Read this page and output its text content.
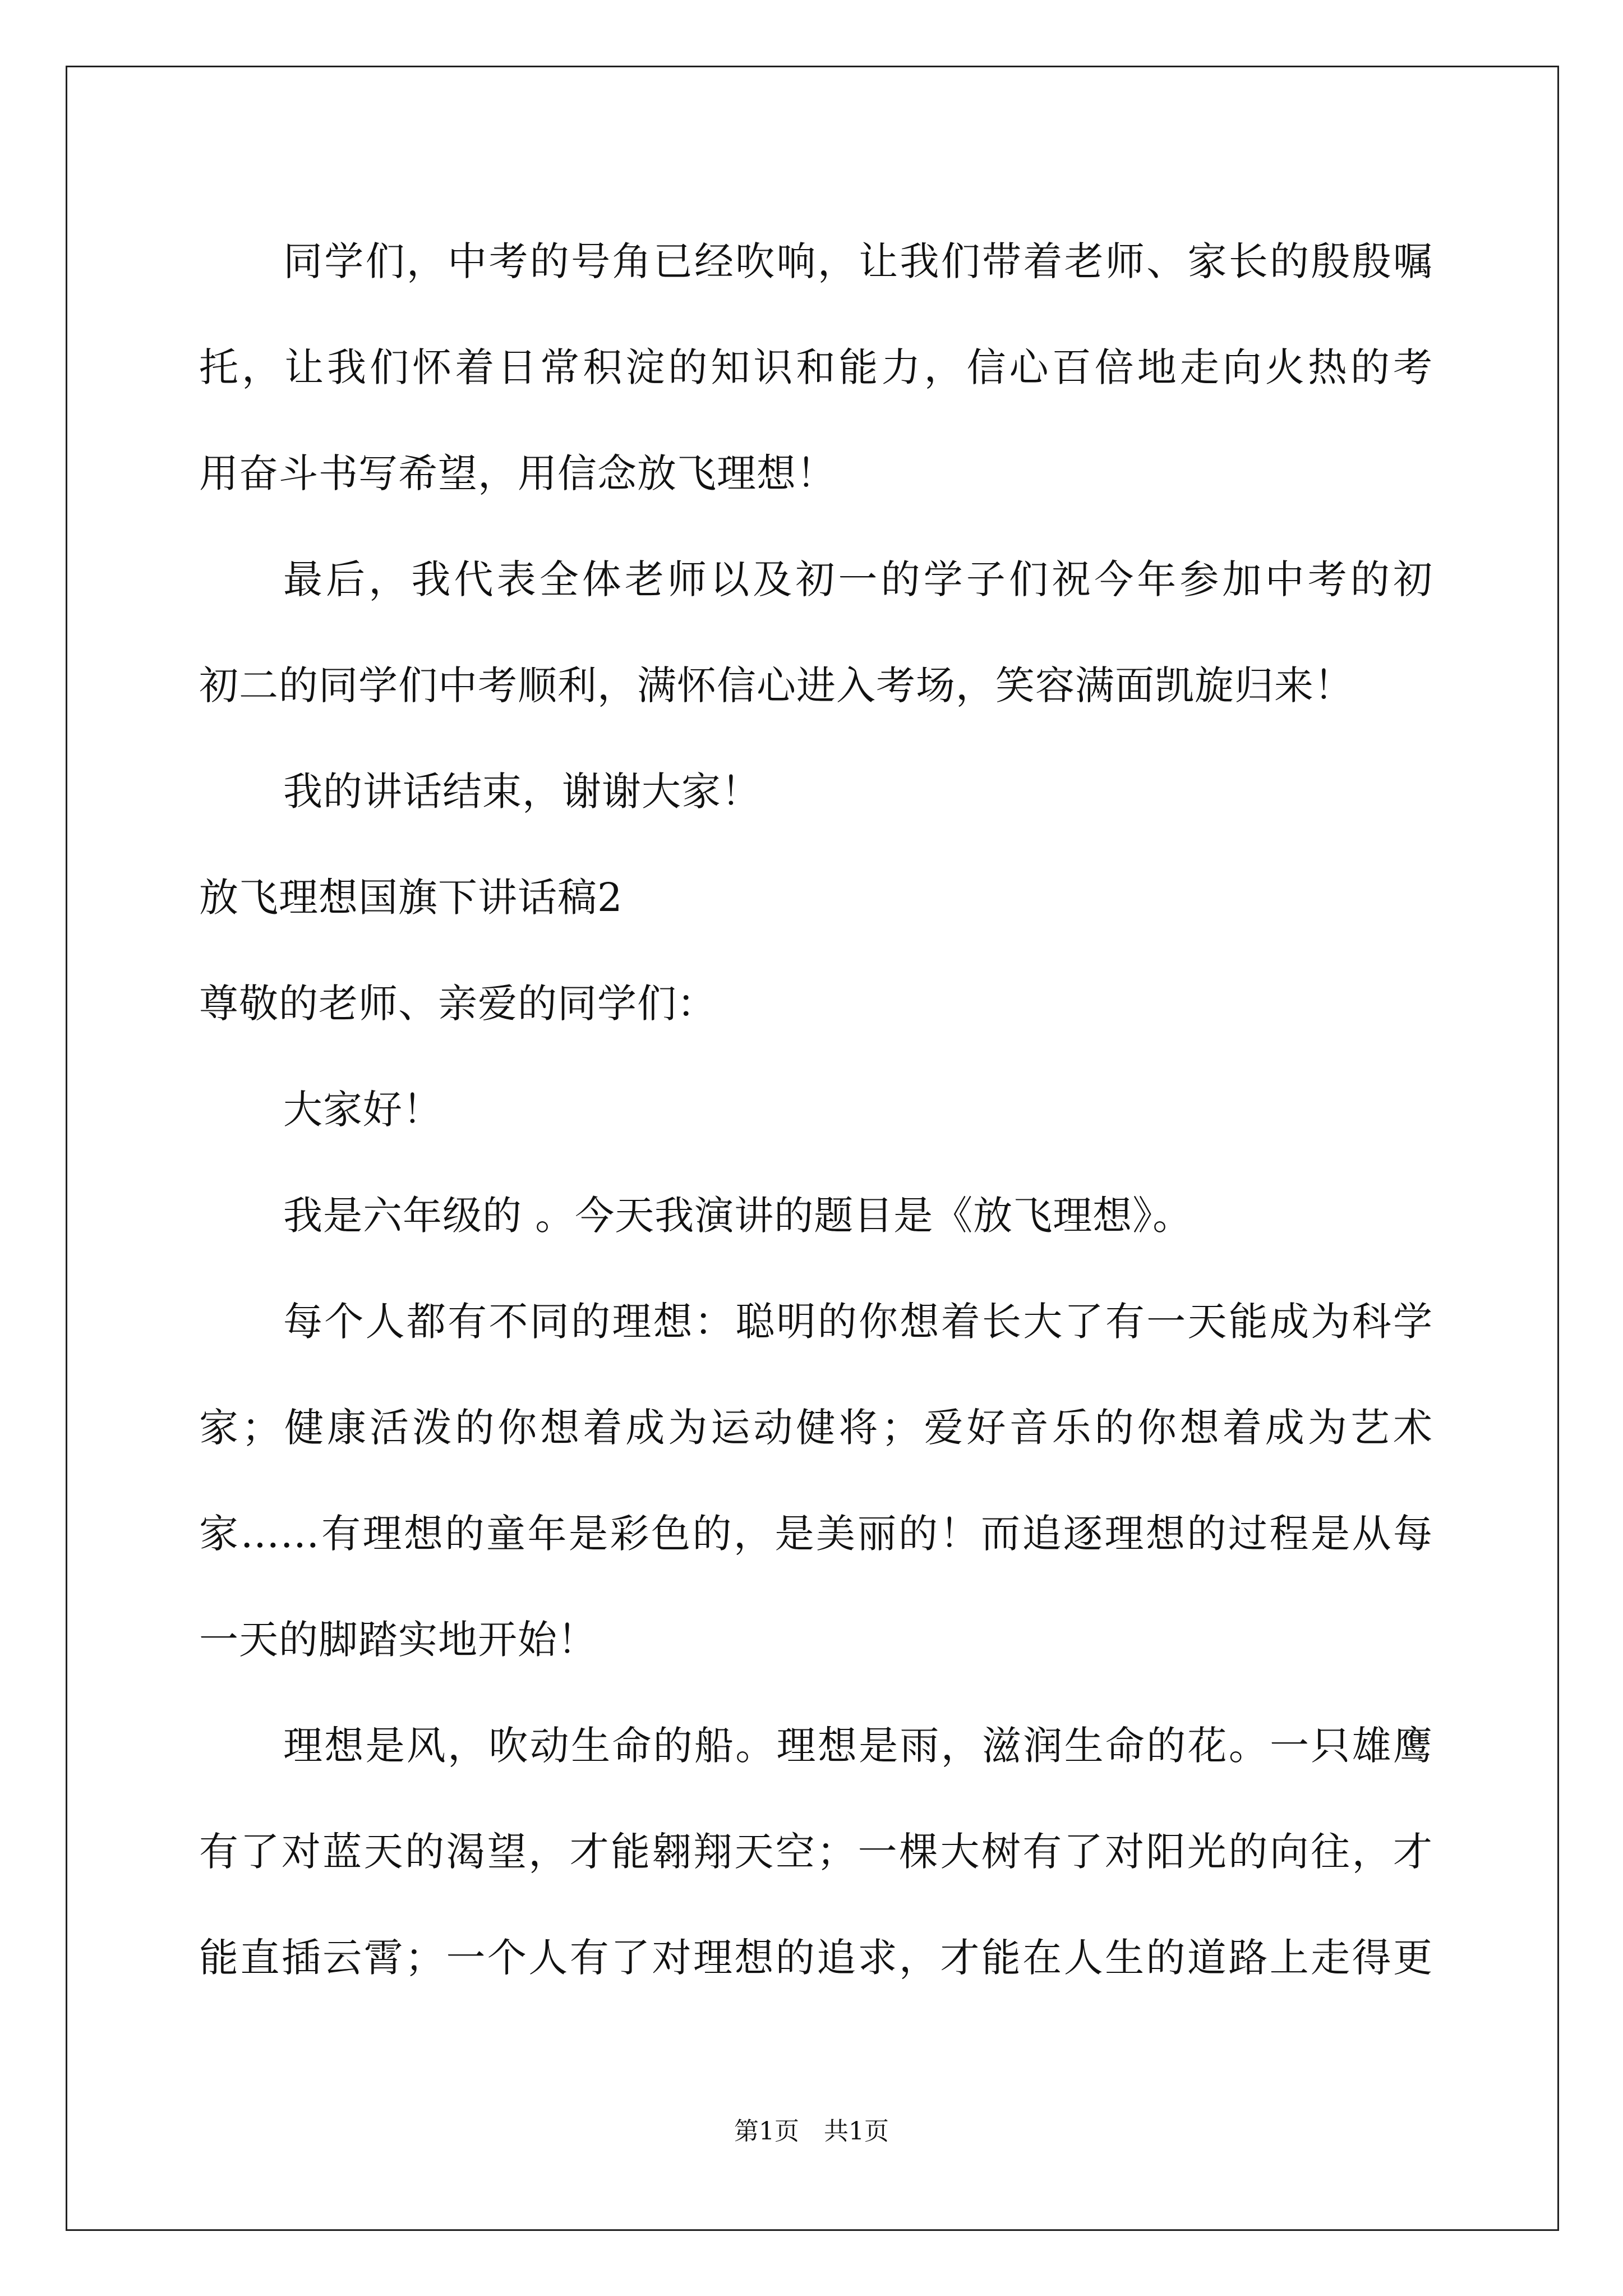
同学们，中考的号角已经吹响，让我们带着老师、家长的殷殷嘱
托，让我们怀着日常积淀的知识和能力，信心百倍地走向火热的考
用奋斗书写希望，用信念放飞理想！
最后，我代表全体老师以及初一的学子们祝今年参加中考的初
初二的同学们中考顺利，满怀信心进入考场，笑容满面凯旋归来！
我的讲话结束，谢谢大家！
放飞理想国旗下讲话稿2
尊敬的老师、亲爱的同学们：
大家好！
我是六年级的 。今天我演讲的题目是《放飞理想》。
每个人都有不同的理想：聪明的你想着长大了有一天能成为科学
家；健康活泼的你想着成为运动健将；爱好音乐的你想着成为艺术
家……有理想的童年是彩色的，是美丽的！而追逐理想的过程是从每
一天的脚踏实地开始！
理想是风，吹动生命的船。理想是雨，滋润生命的花。一只雄鹰
有了对蓝天的渴望，才能翱翔天空；一棵大树有了对阳光的向往，才
能直插云霄；一个人有了对理想的追求，才能在人生的道路上走得更
第1页　共1页
